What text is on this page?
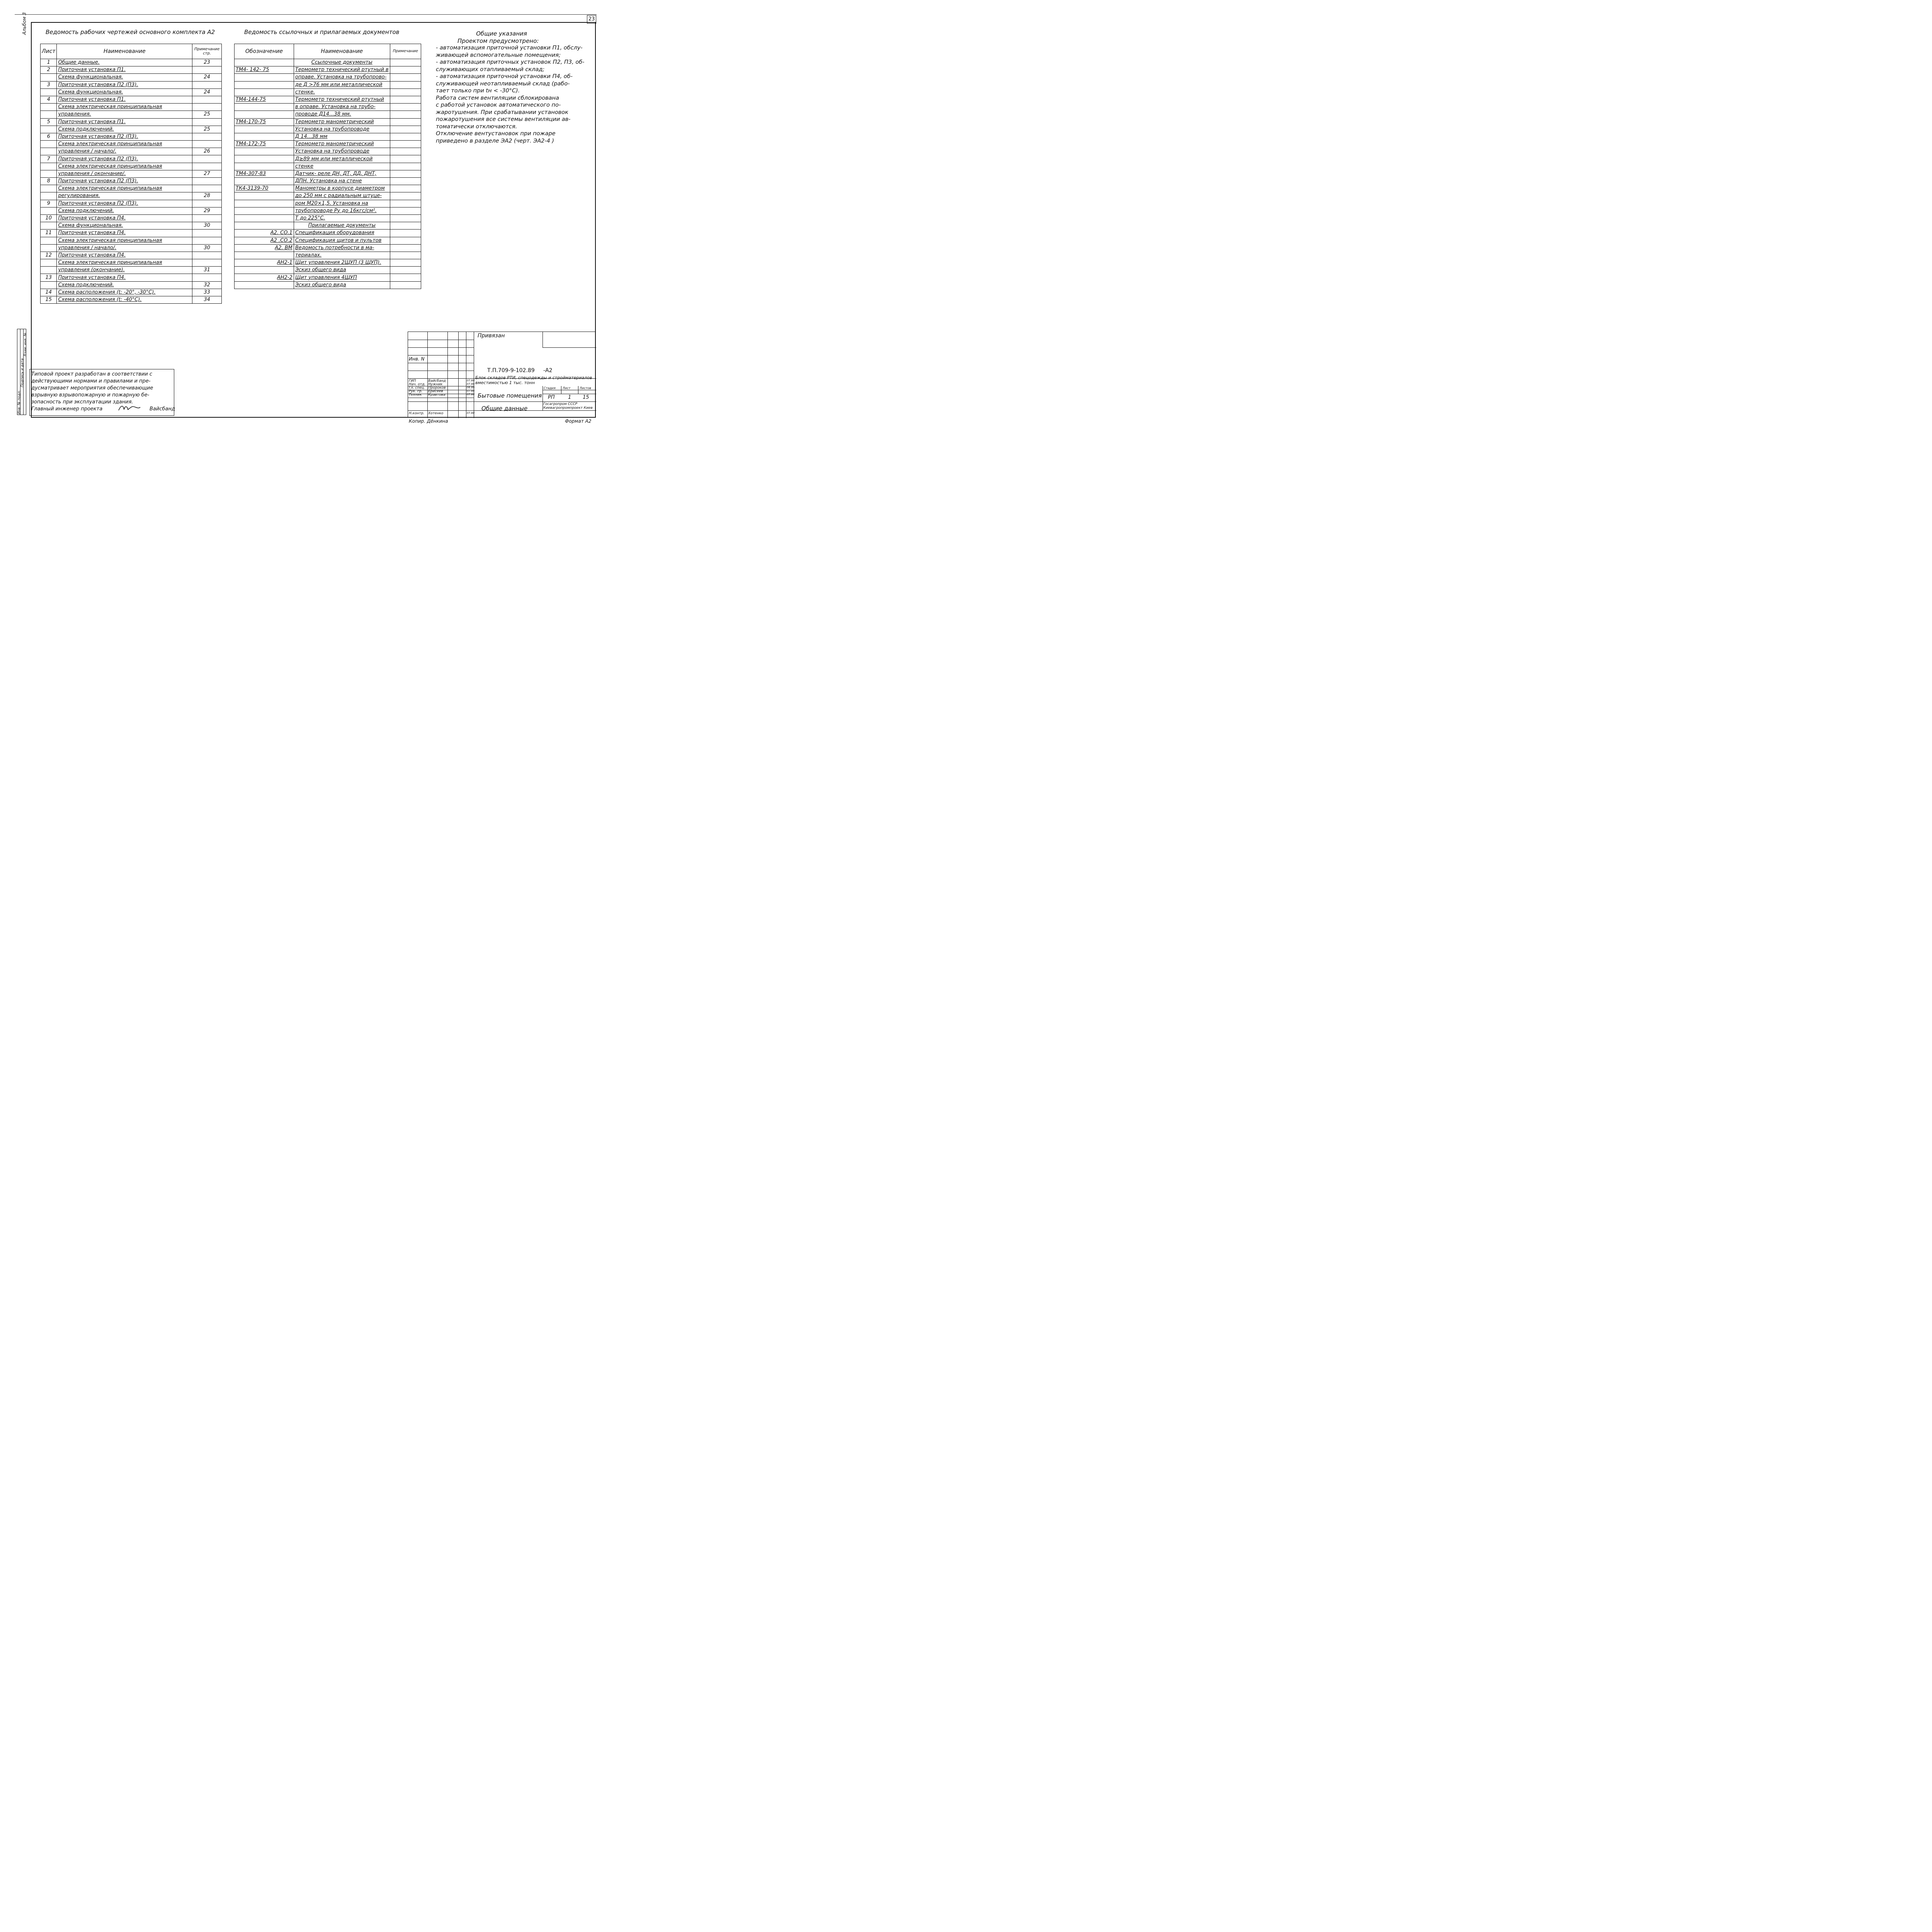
23
Альбом 3	Ведомость рабочих чертежей основного комплекта А2
Лист	Наименование	Примечание стр.
1	Общие данные.	23
2	Приточная установка П1.	
	Схема функциональная.	24
3	Приточная установка П2 (П3).	
	Схема функциональная.	24
4	Приточная установка П1.	
	Схема электрическая принципиальная	
	управления.	25
5	Приточная установка П1.	
	Схема подключений.	25
6	Приточная установка П2 (П3).	
	Схема электрическая принципиальная	
	управления / начало/.	26
7	Приточная установка П2 (П3).	
	Схема электрическая принципиальная	
	управления / окончание/.	27
8	Приточная установка П2 (П3).	
	Схема электрическая принципиальная	
	регулирования.	28
9	Приточная установка П2 (П3).	
	Схема подключений.	29
10	Приточная установка П4.	
	Схема функциональная.	30
11	Приточная установка П4.	
	Схема электрическая принципиальная	
	управления / начало/.	30
12	Приточная установка П4.	
	Схема электрическая принципиальная	
	управления (окончание).	31
13	Приточная установка П4.	
	Схема подключений.	32
14	Схема расположения (t: -20°, -30°C).	33
15	Схема расположения (t: -40°C).	34
Ведомость ссылочных и прилагаемых документов
Обозначение	Наименование	Примечание
	Ссылочные документы	
ТМ4- 142- 75	Термометр технический ртутный в	
	оправе. Установка на трубопрово-	
	де Д >76 мм или металлической	
	стенке.	
ТМ4-144-75	Термометр технический ртутный	
	в оправе. Установка на трубо-	
	проводе Д14...38 мм.	
ТМ4-170-75	Термометр манометрический	
	Установка на трубопроводе	
	Д 14...38 мм	
ТМ4-172-75	Термометр манометрический	
	Установка на трубопроводе	
	Д≥89 мм или металлической	
	стенке	
ТМ4-307-83	Датчик- реле ДН, ДТ, ДД, ДНТ,	
	ДПН. Установка на стене	
ТК4-3139-70	Манометры в корпусе диаметром	
	до 250 мм с радиальным штуце-	
	ром М20×1,5. Установка на	
	трубопроводе Ру до 16кгс/см².	
	Т до 225°С.	
	Прилагаемые документы	
А2. СО.1	Спецификация оборудования	
А2 .СО.2	Спецификация щитов и пультов	
А2. ВМ	Ведомость потребности в ма-	
	териалах.	
АН2-1	Щит управления 2ЩУП (3 ЩУП).	
	Эскиз общего вида	
АН2-2	Щит управления 4ЩУП	
	Эскиз общего вида	

Общие указания

Проектом предусмотрено:

- автоматизация приточной установки П1, обслу-

живающей вспомогательные помещения;

- автоматизация приточных установок П2, П3, об-

служивающих отапливаемый склад;

- автоматизация приточной установки П4, об-

служивающей неотапливаемый склад (рабо-

тает только при tн < -30°С).

Работа систем вентиляции сблокирована

с работой установок автоматического по-

жаротушения. При срабатывании установок

пожаротушения все системы вентиляции ав-

томатически отключаются.

Отключение вентустановок при пожаре

приведено в разделе ЭА2 (черт. ЭА2-4 )

Инв. № подл.
Подпись и дата
Взам. инв. №
Типовой проект разработан в соответствии с
действующими нормами и правилами и пре-
дусматривает мероприятия обеспечивающие
взрывную взрывопожарную и пожарную бе-
зопасность при эксплуатации здания.
Главный инженер проекта	Вайсбанд
Привязан
Инв. N
Т.П.709-9-102.89 -А2
Блок складов РТИ, спецодежды и стройматериалов вместимостью 1 тыс. тонн
Бытовые помещения
Общие данные
Стадия Лист	Листов
РП	1 15
Госагропром СССР Киевагропромпроект Киев
ГИП	Вайсбанд	07.88
Нач. отд. Нужник	07.88
Гл. спец. Пророков	06.88
Рук. гр. Ерисеев	07.88
Техник Кравтова	07.88
Н.контр. Хотенко	07.88
Копир. Дёнкина	Формат А2
